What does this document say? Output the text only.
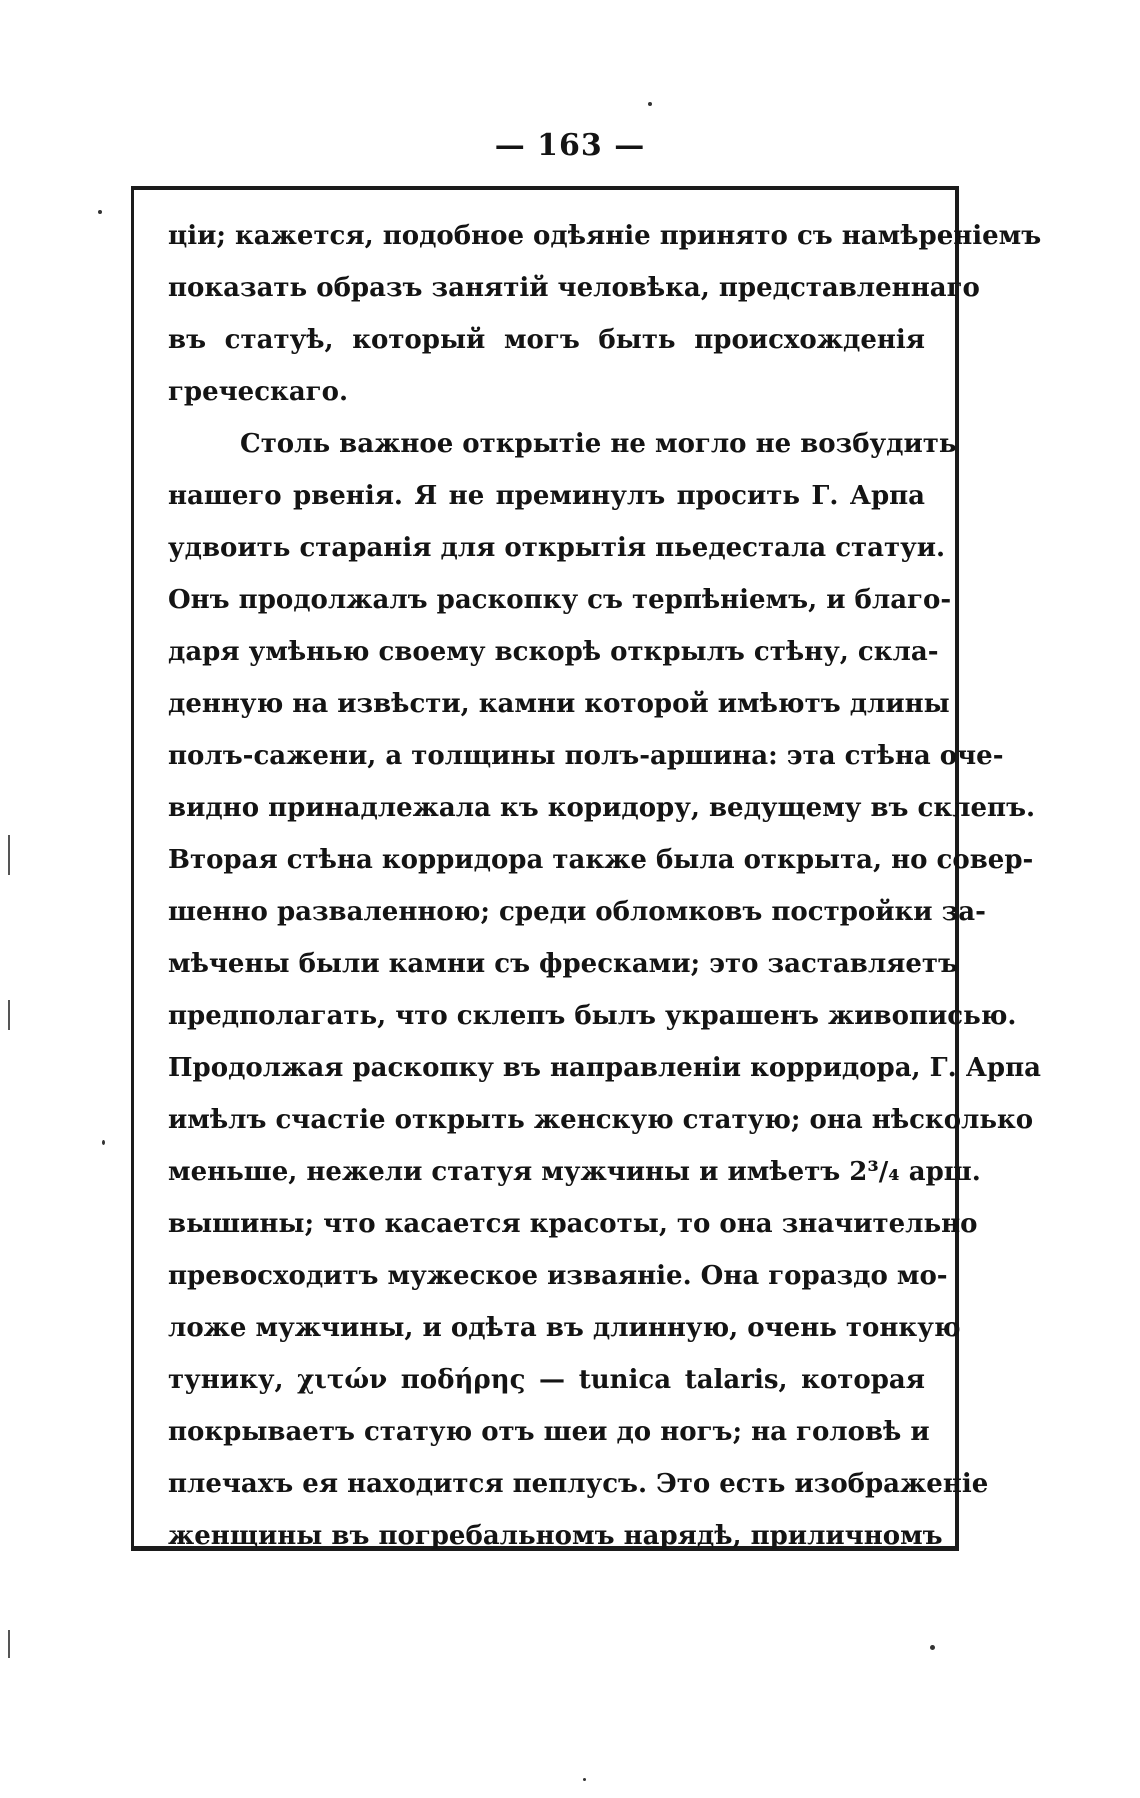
— 163 —
ціи; кажется, подобное одѣяніе принято съ намѣреніемъ
показать образъ занятій человѣка, представленнаго
въ статуѣ, который могъ быть происхожденія
греческаго.
Столь важное открытіе не могло не возбудить
нашего рвенія. Я не преминулъ просить Г. Арпа
удвоить старанія для открытія пьедестала статуи.
Онъ продолжалъ раскопку съ терпѣніемъ, и благо-
даря умѣнью своему вскорѣ открылъ стѣну, скла-
денную на извѣсти, камни которой имѣютъ длины
полъ-сажени, а толщины полъ-аршина: эта стѣна оче-
видно принадлежала къ коридору, ведущему въ склепъ.
Вторая стѣна корридора также была открыта, но совер-
шенно разваленною; среди обломковъ постройки за-
мѣчены были камни съ фресками; это заставляетъ
предполагать, что склепъ былъ украшенъ живописью.
Продолжая раскопку въ направленіи корридора, Г. Арпа
имѣлъ счастіе открыть женскую статую; она нѣсколько
меньше, нежели статуя мужчины и имѣетъ 2³/₄ арш.
вышины; что касается красоты, то она значительно
превосходитъ мужеское изваяніе. Она гораздо мо-
ложе мужчины, и одѣта въ длинную, очень тонкую
тунику, χιτών ποδήρης — tunica talaris, которая
покрываетъ статую отъ шеи до ногъ; на головѣ и
плечахъ ея находится пеплусъ. Это есть изображеніе
женщины въ погребальномъ нарядѣ, приличномъ
